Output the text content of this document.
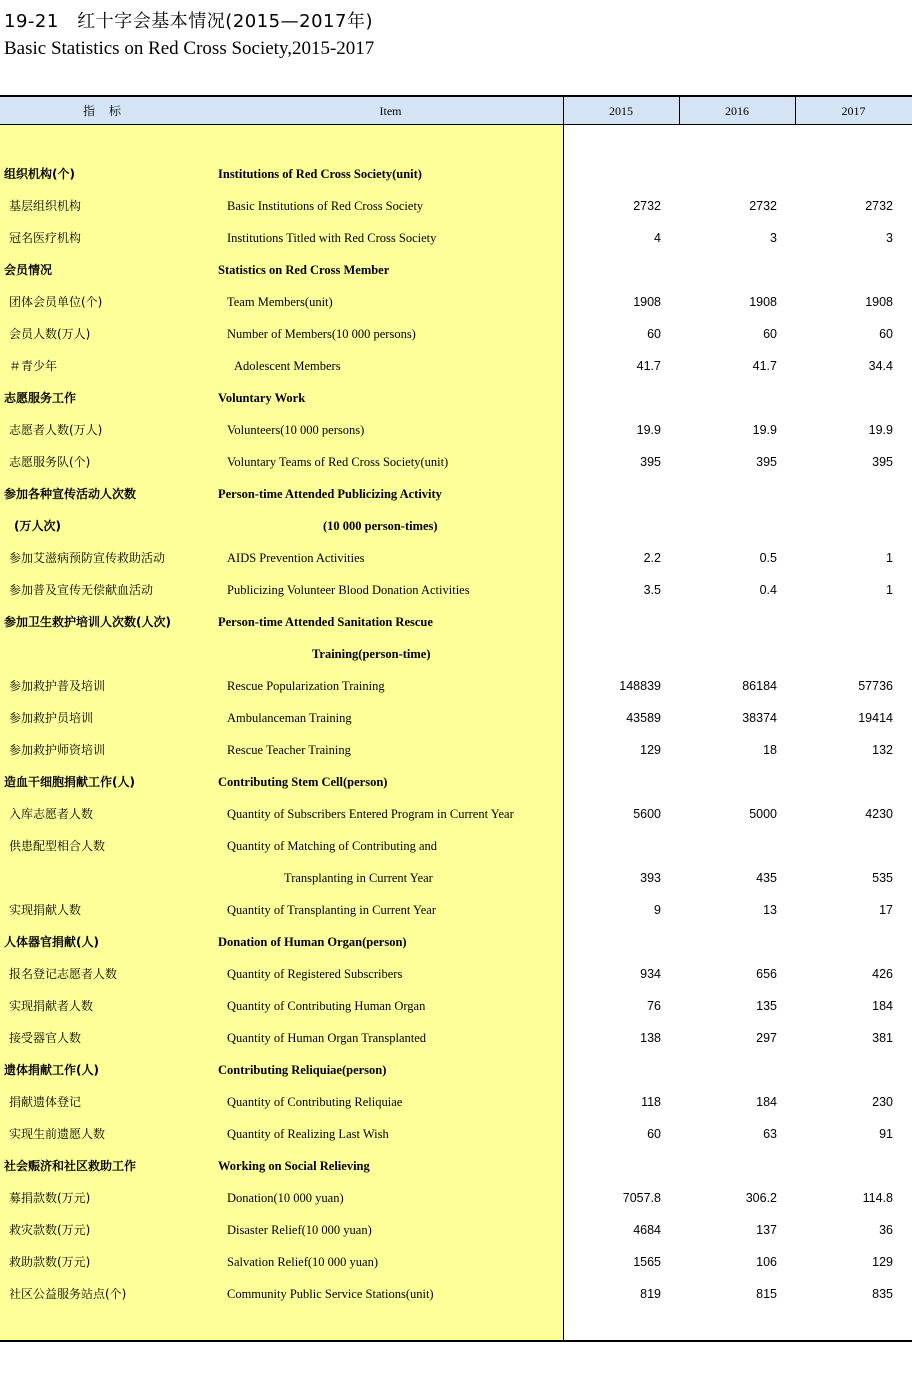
19-21　红十字会基本情况(2015—2017年)
Basic Statistics on Red Cross Society,2015-2017
指标	Item	2015	2016	2017
组织机构(个)	Institutions of Red Cross Society(unit)
基层组织机构	Basic Institutions of Red Cross Society	2732	2732	2732
冠名医疗机构	Institutions Titled with Red Cross Society	4	3	3
会员情况	Statistics on Red Cross Member
团体会员单位(个)	Team Members(unit)	1908	1908	1908
会员人数(万人)	Number of Members(10 000 persons)	60	60	60
＃青少年	Adolescent Members	41.7	41.7	34.4
志愿服务工作	Voluntary Work
志愿者人数(万人)	Volunteers(10 000 persons)	19.9	19.9	19.9
志愿服务队(个)	Voluntary Teams of Red Cross Society(unit)	395	395	395
参加各种宣传活动人次数	Person-time Attended Publicizing Activity
(万人次)	(10 000 person-times)
参加艾滋病预防宣传救助活动	AIDS Prevention Activities	2.2	0.5	1
参加普及宣传无偿献血活动	Publicizing Volunteer Blood Donation Activities	3.5	0.4	1
参加卫生救护培训人次数(人次)	Person-time Attended Sanitation Rescue
Training(person-time)
参加救护普及培训	Rescue Popularization Training	148839	86184	57736
参加救护员培训	Ambulanceman Training	43589	38374	19414
参加救护师资培训	Rescue Teacher Training	129	18	132
造血干细胞捐献工作(人)	Contributing Stem Cell(person)
入库志愿者人数	Quantity of Subscribers Entered Program in Current Year	5600	5000	4230
供患配型相合人数	Quantity of Matching of Contributing and
Transplanting in Current Year	393	435	535
实现捐献人数	Quantity of Transplanting in Current Year	9	13	17
人体器官捐献(人)	Donation of Human Organ(person)
报名登记志愿者人数	Quantity of Registered Subscribers	934	656	426
实现捐献者人数	Quantity of Contributing Human Organ	76	135	184
接受器官人数	Quantity of Human Organ Transplanted	138	297	381
遗体捐献工作(人)	Contributing Reliquiae(person)
捐献遗体登记	Quantity of Contributing Reliquiae	118	184	230
实现生前遗愿人数	Quantity of Realizing Last Wish	60	63	91
社会赈济和社区救助工作	Working on Social Relieving
募捐款数(万元)	Donation(10 000 yuan)	7057.8	306.2	114.8
救灾款数(万元)	Disaster Relief(10 000 yuan)	4684	137	36
救助款数(万元)	Salvation Relief(10 000 yuan)	1565	106	129
社区公益服务站点(个)	Community Public Service Stations(unit)	819	815	835
